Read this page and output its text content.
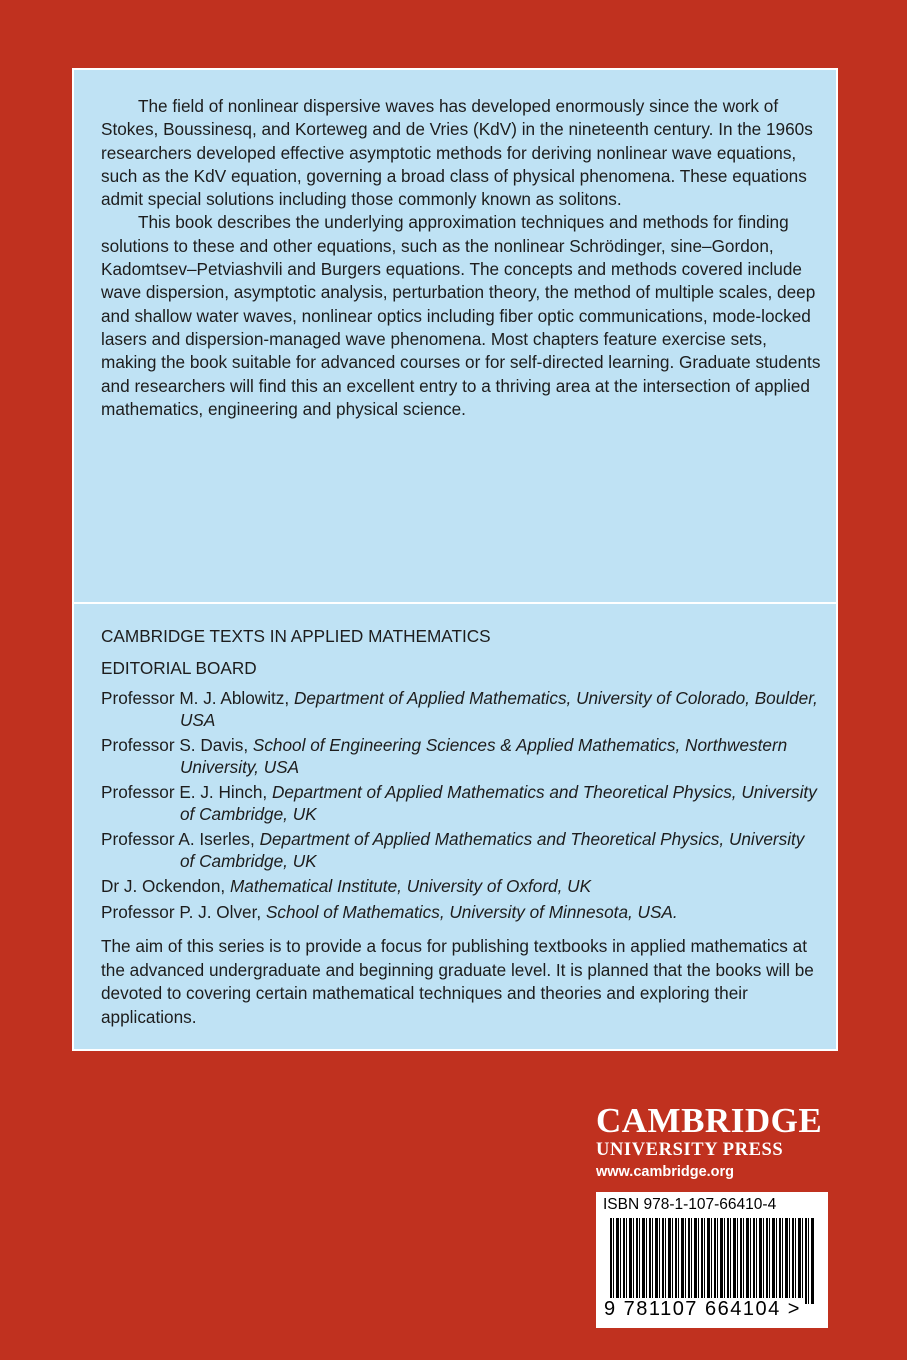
The field of nonlinear dispersive waves has developed enormously since the work of Stokes, Boussinesq, and Korteweg and de Vries (KdV) in the nineteenth century. In the 1960s researchers developed effective asymptotic methods for deriving nonlinear wave equations, such as the KdV equation, governing a broad class of physical phenomena. These equations admit special solutions including those commonly known as solitons.

This book describes the underlying approximation techniques and methods for finding solutions to these and other equations, such as the nonlinear Schrödinger, sine–Gordon, Kadomtsev–Petviashvili and Burgers equations. The concepts and methods covered include wave dispersion, asymptotic analysis, perturbation theory, the method of multiple scales, deep and shallow water waves, nonlinear optics including fiber optic communications, mode-locked lasers and dispersion-managed wave phenomena. Most chapters feature exercise sets, making the book suitable for advanced courses or for self-directed learning. Graduate students and researchers will find this an excellent entry to a thriving area at the intersection of applied mathematics, engineering and physical science.

CAMBRIDGE TEXTS IN APPLIED MATHEMATICS
EDITORIAL BOARD
Professor M. J. Ablowitz, Department of Applied Mathematics, University of Colorado, Boulder, USA
Professor S. Davis, School of Engineering Sciences & Applied Mathematics, Northwestern University, USA
Professor E. J. Hinch, Department of Applied Mathematics and Theoretical Physics, University of Cambridge, UK
Professor A. Iserles, Department of Applied Mathematics and Theoretical Physics, University of Cambridge, UK
Dr J. Ockendon, Mathematical Institute, University of Oxford, UK
Professor P. J. Olver, School of Mathematics, University of Minnesota, USA.

The aim of this series is to provide a focus for publishing textbooks in applied mathematics at the advanced undergraduate and beginning graduate level. It is planned that the books will be devoted to covering certain mathematical techniques and theories and exploring their applications.

CAMBRIDGE
UNIVERSITY PRESS
www.cambridge.org
ISBN 978-1-107-66410-4
9 781107 664104 >
